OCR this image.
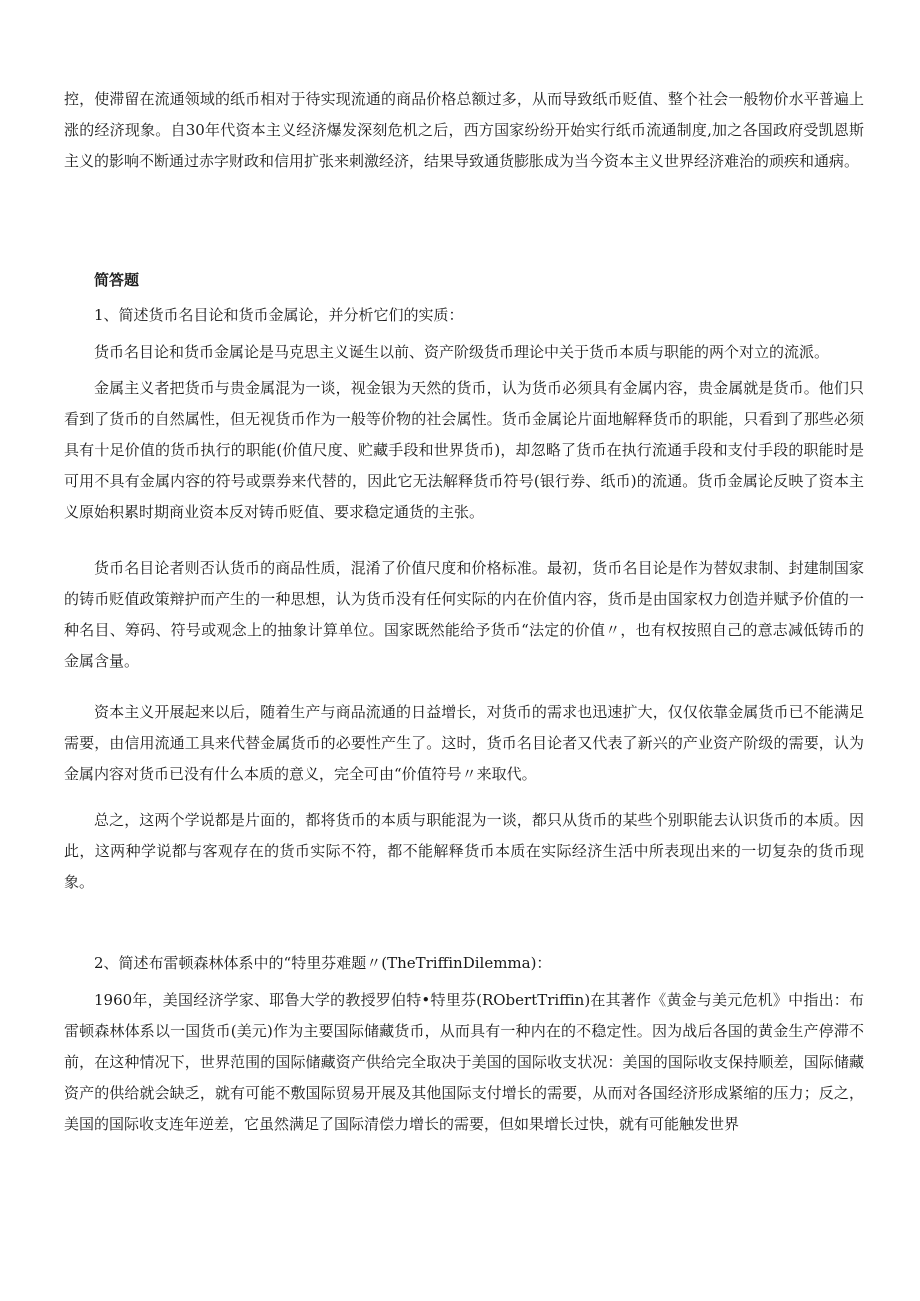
控，使滞留在流通领域的纸币相对于待实现流通的商品价格总额过多，从而导致纸币贬值、整个社会一般物价水平普遍上涨的经济现象。自30年代资本主义经济爆发深刻危机之后，西方国家纷纷开始实行纸币流通制度,加之各国政府受凯恩斯主义的影响不断通过赤字财政和信用扩张来刺激经济，结果导致通货膨胀成为当今资本主义世界经济难治的顽疾和通病。

简答题

1、简述货币名目论和货币金属论，并分析它们的实质：

货币名目论和货币金属论是马克思主义诞生以前、资产阶级货币理论中关于货币本质与职能的两个对立的流派。

金属主义者把货币与贵金属混为一谈，视金银为天然的货币，认为货币必须具有金属内容，贵金属就是货币。他们只看到了货币的自然属性，但无视货币作为一般等价物的社会属性。货币金属论片面地解释货币的职能，只看到了那些必须具有十足价值的货币执行的职能(价值尺度、贮藏手段和世界货币)，却忽略了货币在执行流通手段和支付手段的职能时是可用不具有金属内容的符号或票券来代替的，因此它无法解释货币符号(银行券、纸币)的流通。货币金属论反映了资本主义原始积累时期商业资本反对铸币贬值、要求稳定通货的主张。

货币名目论者则否认货币的商品性质，混淆了价值尺度和价格标准。最初，货币名目论是作为替奴隶制、封建制国家的铸币贬值政策辩护而产生的一种思想，认为货币没有任何实际的内在价值内容，货币是由国家权力创造并赋予价值的一种名目、筹码、符号或观念上的抽象计算单位。国家既然能给予货币“法定的价值〃，也有权按照自己的意志减低铸币的金属含量。

资本主义开展起来以后，随着生产与商品流通的日益增长，对货币的需求也迅速扩大，仅仅依靠金属货币已不能满足需要，由信用流通工具来代替金属货币的必要性产生了。这时，货币名目论者又代表了新兴的产业资产阶级的需要，认为金属内容对货币已没有什么本质的意义，完全可由“价值符号〃来取代。

总之，这两个学说都是片面的，都将货币的本质与职能混为一谈，都只从货币的某些个别职能去认识货币的本质。因此，这两种学说都与客观存在的货币实际不符，都不能解释货币本质在实际经济生活中所表现出来的一切复杂的货币现象。

2、简述布雷顿森林体系中的“特里芬难题〃(TheTriffinDilemma)：

1960年，美国经济学家、耶鲁大学的教授罗伯特•特里芬(RObertTriffin)在其著作《黄金与美元危机》中指出：布雷顿森林体系以一国货币(美元)作为主要国际储藏货币，从而具有一种内在的不稳定性。因为战后各国的黄金生产停滞不前，在这种情况下，世界范围的国际储藏资产供给完全取决于美国的国际收支状况：美国的国际收支保持顺差，国际储藏资产的供给就会缺乏，就有可能不敷国际贸易开展及其他国际支付增长的需要，从而对各国经济形成紧缩的压力；反之，美国的国际收支连年逆差，它虽然满足了国际清偿力增长的需要，但如果增长过快，就有可能触发世界
